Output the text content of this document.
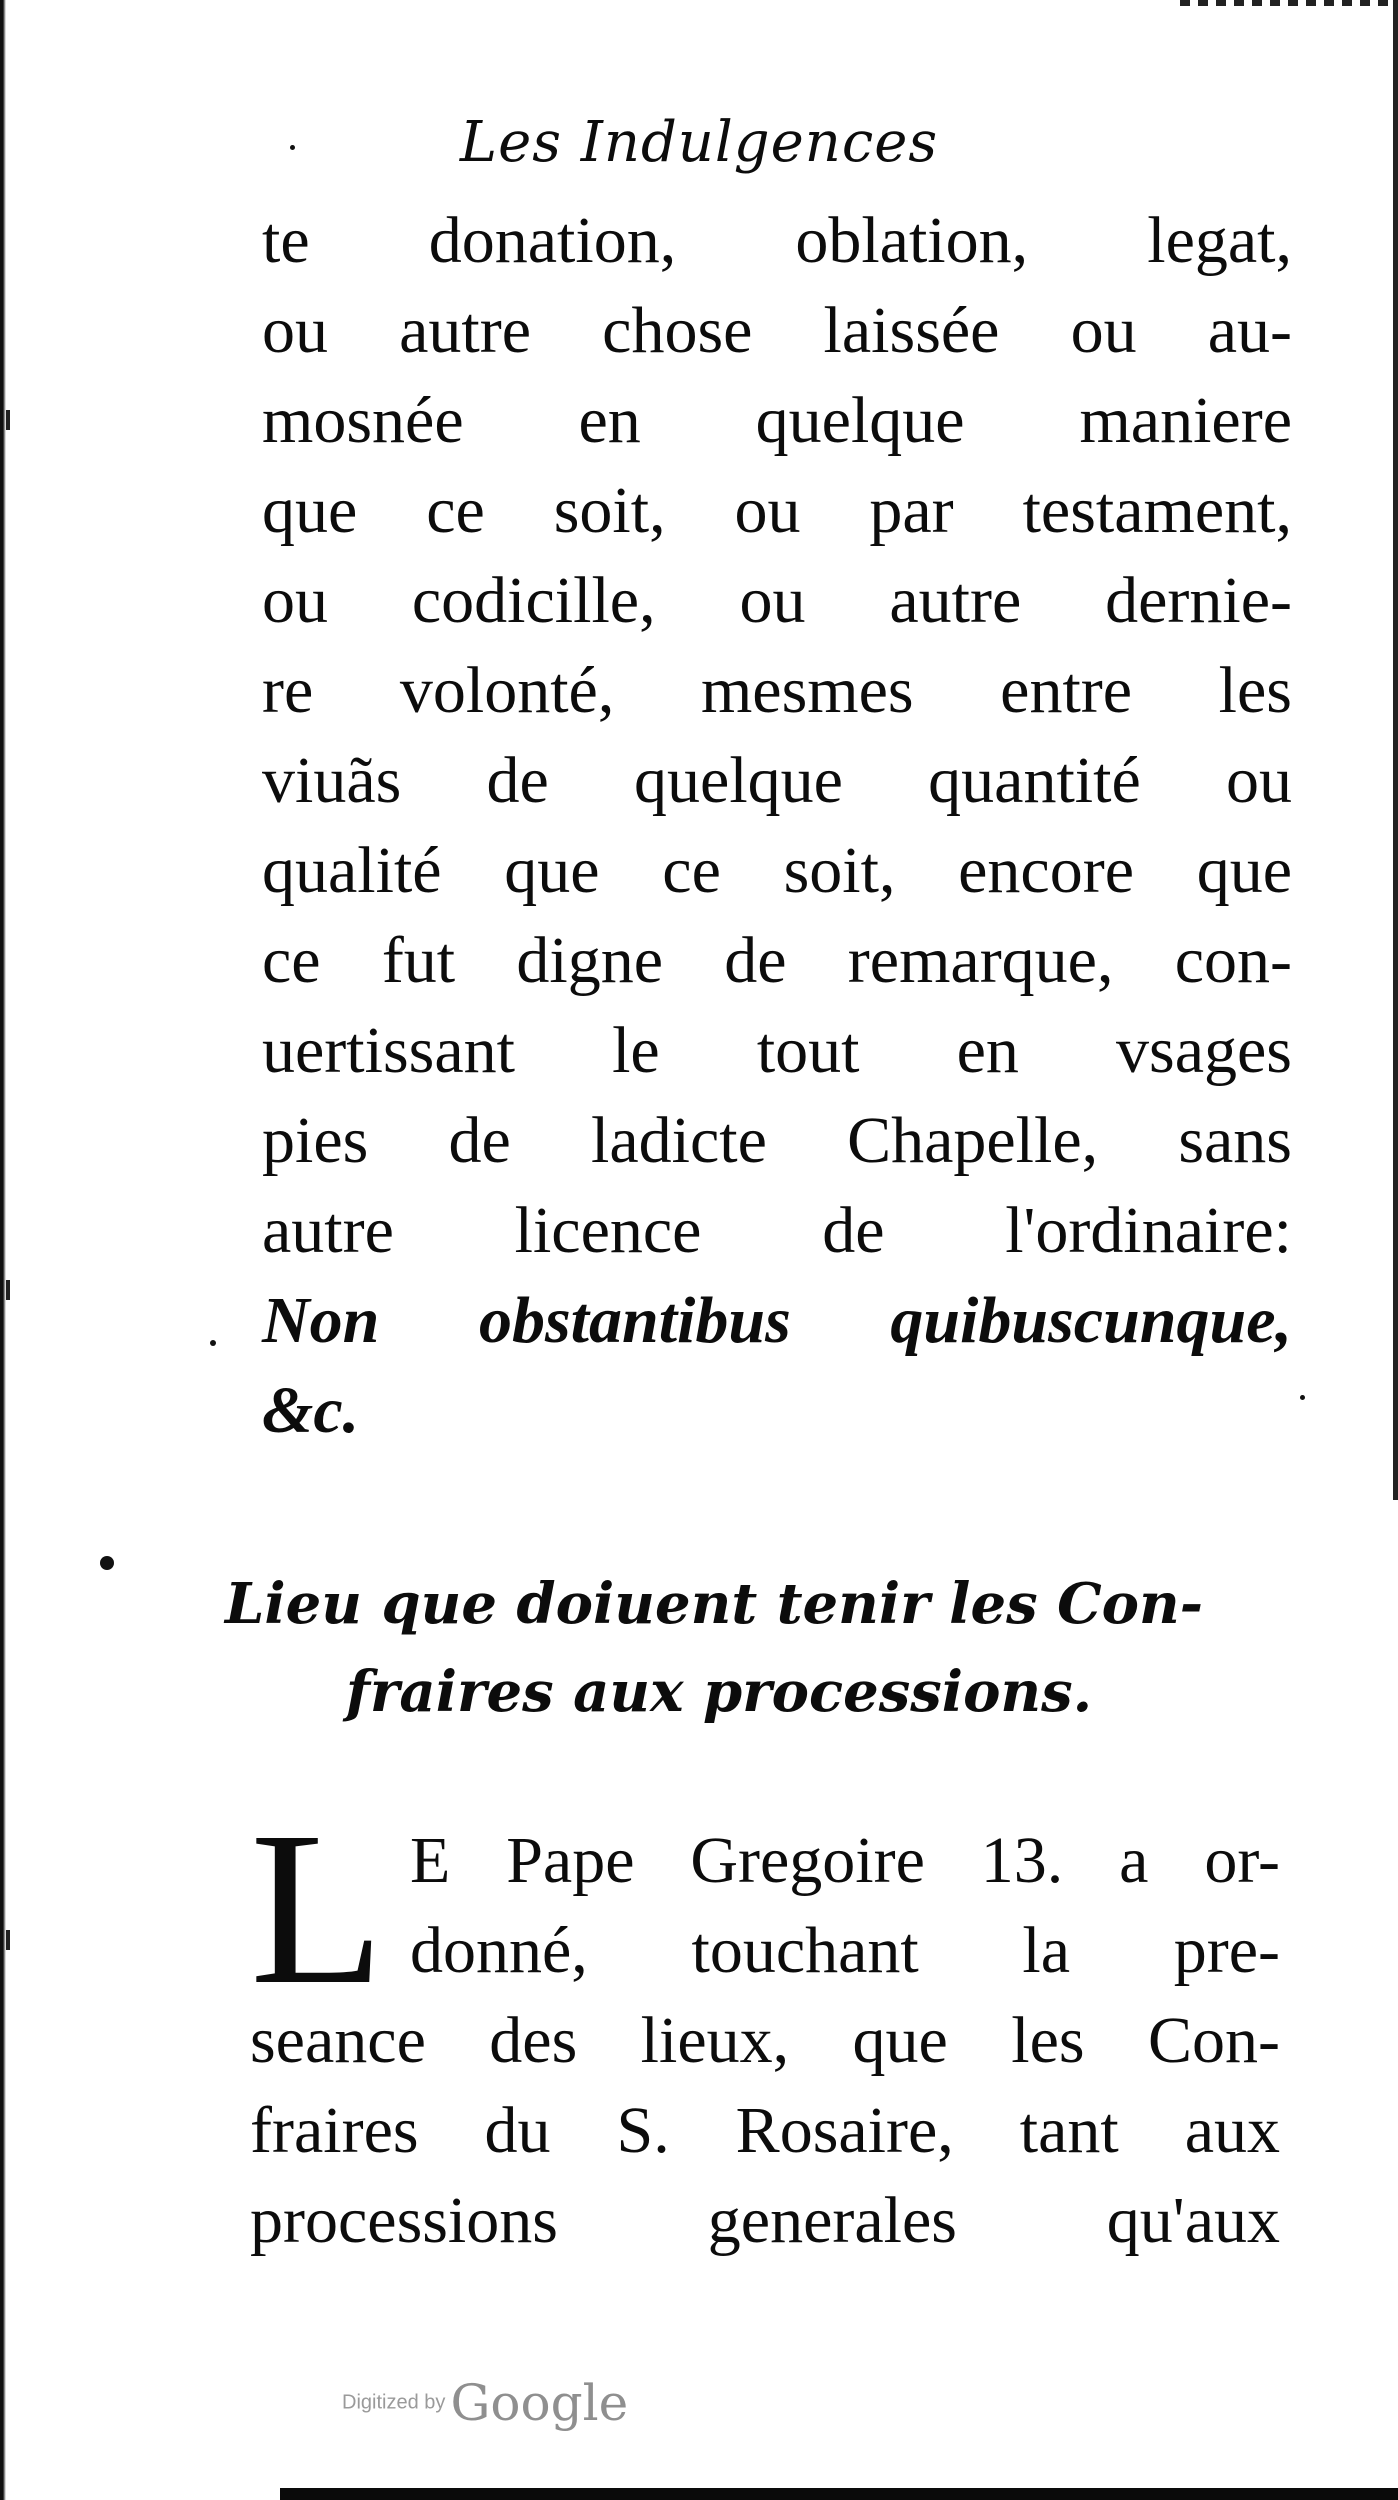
Les Indulgences
te donation, oblation, legat,
ou autre chose laissée ou au-
mosnée en quelque maniere
que ce soit, ou par testament,
ou codicille, ou autre dernie-
re volonté, mesmes entre les
viuãs de quelque quantité ou
qualité que ce soit, encore que
ce fut digne de remarque, con-
uertissant le tout en vsages
pies de ladicte Chapelle, sans
autre licence de l'ordinaire:
Non obstantibus quibuscunque,
&c.
Lieu que doiuent tenir les Con-
fraires aux processions.
L E Pape Gregoire 13. a or-
donné, touchant la pre-
seance des lieux, que les Con-
fraires du S. Rosaire, tant aux
processions generales qu'aux
Digitized by Google
